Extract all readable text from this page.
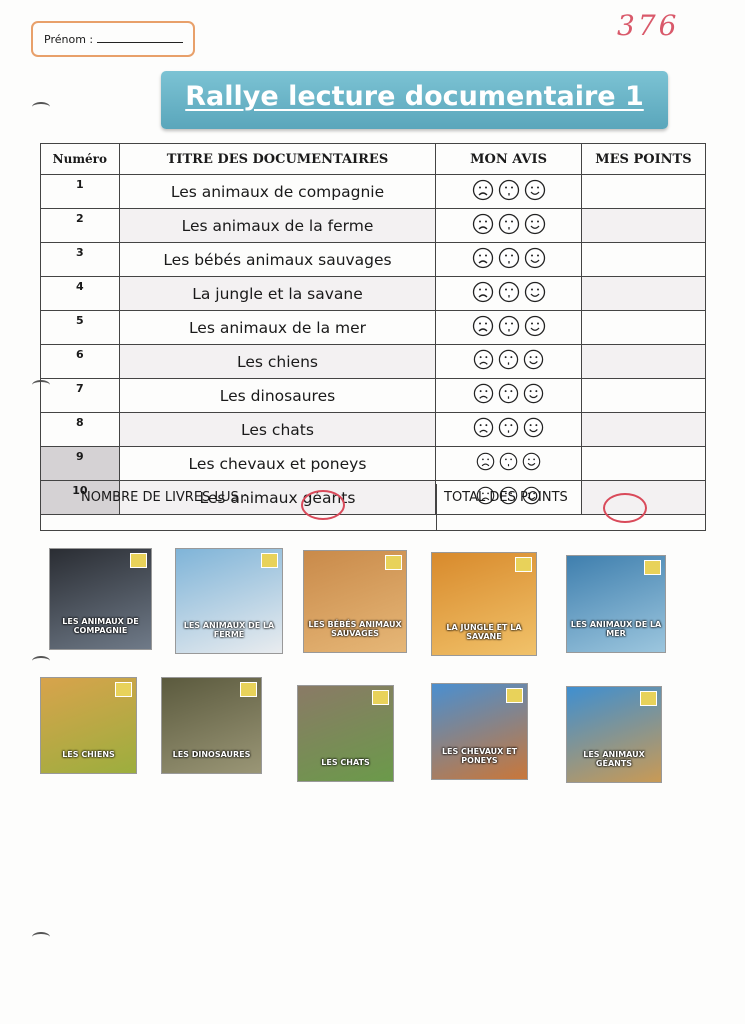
Prénom :	376
Rallye lecture documentaire 1
Numéro	TITRE DES DOCUMENTAIRES	MON AVIS	MES POINTS
1	Les animaux de compagnie		
2	Les animaux de la ferme		
3	Les bébés animaux sauvages		
4	La jungle et la savane		
5	Les animaux de la mer		
6	Les chiens		
7	Les dinosaures		
8	Les chats		
9	Les chevaux et poneys		
10	Les animaux géants		
NOMBRE DE LIVRES LUS :	TOTAL DES POINTS
LES ANIMAUX DE COMPAGNIE
LES ANIMAUX DE LA FERME
LES BÉBÉS ANIMAUX SAUVAGES
LA JUNGLE ET LA SAVANE
LES ANIMAUX DE LA MER
LES CHIENS	LES DINOSAURES
LES CHATS
LES CHEVAUX ET PONEYS
LES ANIMAUX GÉANTS
